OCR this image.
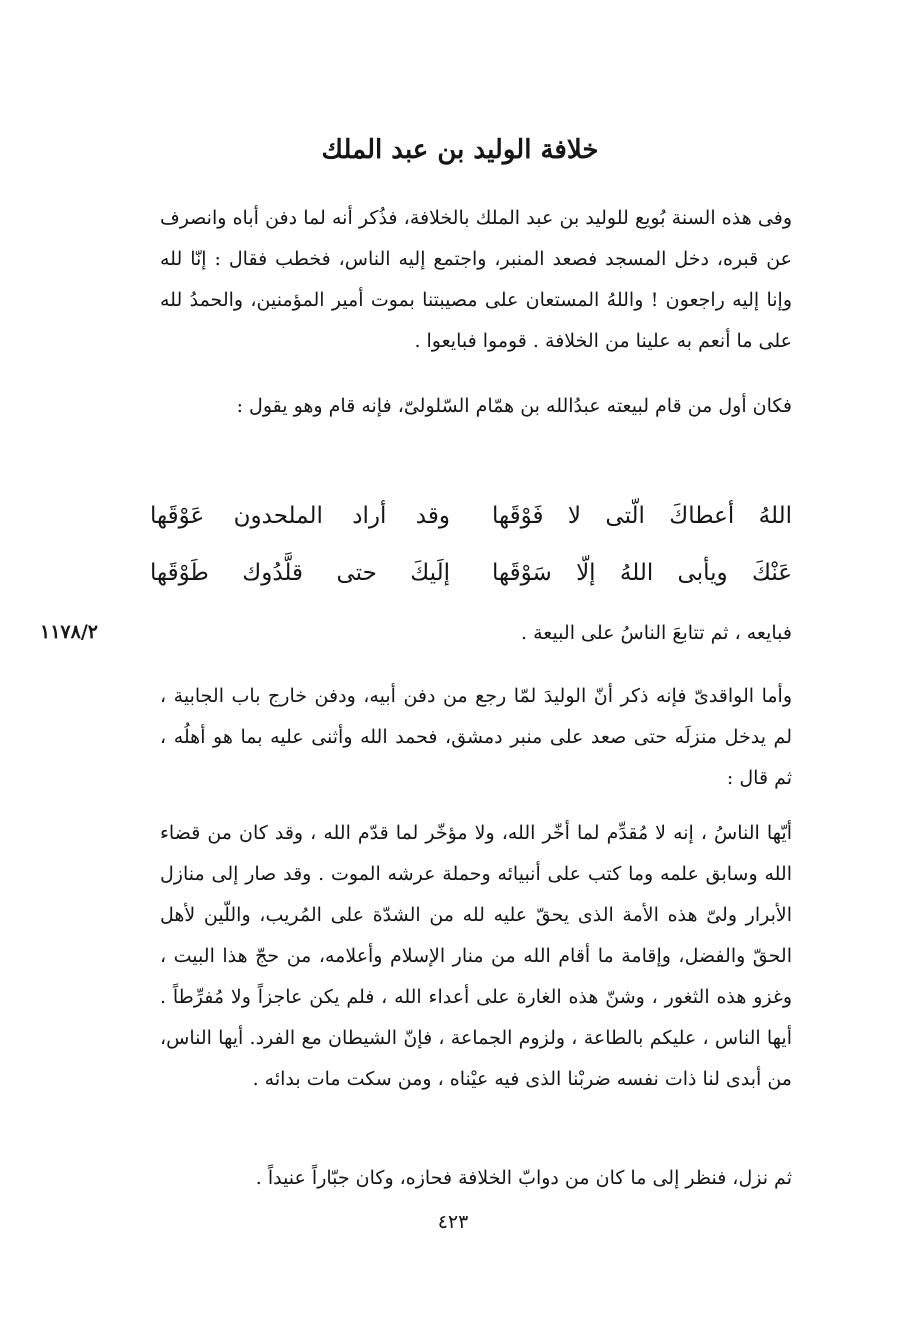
خلافة الوليد بن عبد الملك

وفى هذه السنة بُويع للوليد بن عبد الملك بالخلافة، فذُكر أنه لما دفن أباه وانصرف عن قبره، دخل المسجد فصعد المنبر، واجتمع إليه الناس، فخطب فقال : إنّا لله وإنا إليه راجعون ! واللهُ المستعان على مصيبتنا بموت أمير المؤمنين، والحمدُ لله على ما أنعم به علينا من الخلافة . قوموا فبايعوا .

فكان أول من قام لبيعته عبدُالله بن همّام السّلولىّ، فإنه قام وهو يقول :

اللهُ أعطاكَ الّتى لا فَوْقَها
وقد أراد الملحدون عَوْقَها
عَنْكَ ويأبى اللهُ إلّا سَوْقَها
إلَيكَ حتى قلَّدُوك طَوْقَها
فبايعه ، ثم تتابعَ الناسُ على البيعة .
١١٧٨/٢

وأما الواقدىّ فإنه ذكر أنّ الوليدَ لمّا رجع من دفن أبيه، ودفن خارج باب الجابية ، لم يدخل منزلَه حتى صعد على منبر دمشق، فحمد الله وأثنى عليه بما هو أهلُه ، ثم قال :

أيّها الناسُ ، إنه لا مُقدِّم لما أخّر الله، ولا مؤخّر لما قدّم الله ، وقد كان من قضاء الله وسابق علمه وما كتب على أنبيائه وحملة عرشه الموت . وقد صار إلى منازل الأبرار ولىّ هذه الأمة الذى يحقّ عليه لله من الشدّة على المُريب، واللّين لأهل الحقّ والفضل، وإقامة ما أقام الله من منار الإسلام وأعلامه، من حجّ هذا البيت ، وغزو هذه الثغور ، وشنّ هذه الغارة على أعداء الله ، فلم يكن عاجزاً ولا مُفرِّطاً . أيها الناس ، عليكم بالطاعة ، ولزوم الجماعة ، فإنّ الشيطان مع الفرد. أيها الناس، من أبدى لنا ذات نفسه ضربْنا الذى فيه عيْناه ، ومن سكت مات بدائه .

ثم نزل، فنظر إلى ما كان من دوابّ الخلافة فحازه، وكان جبّاراً عنيداً .

٤٢٣
